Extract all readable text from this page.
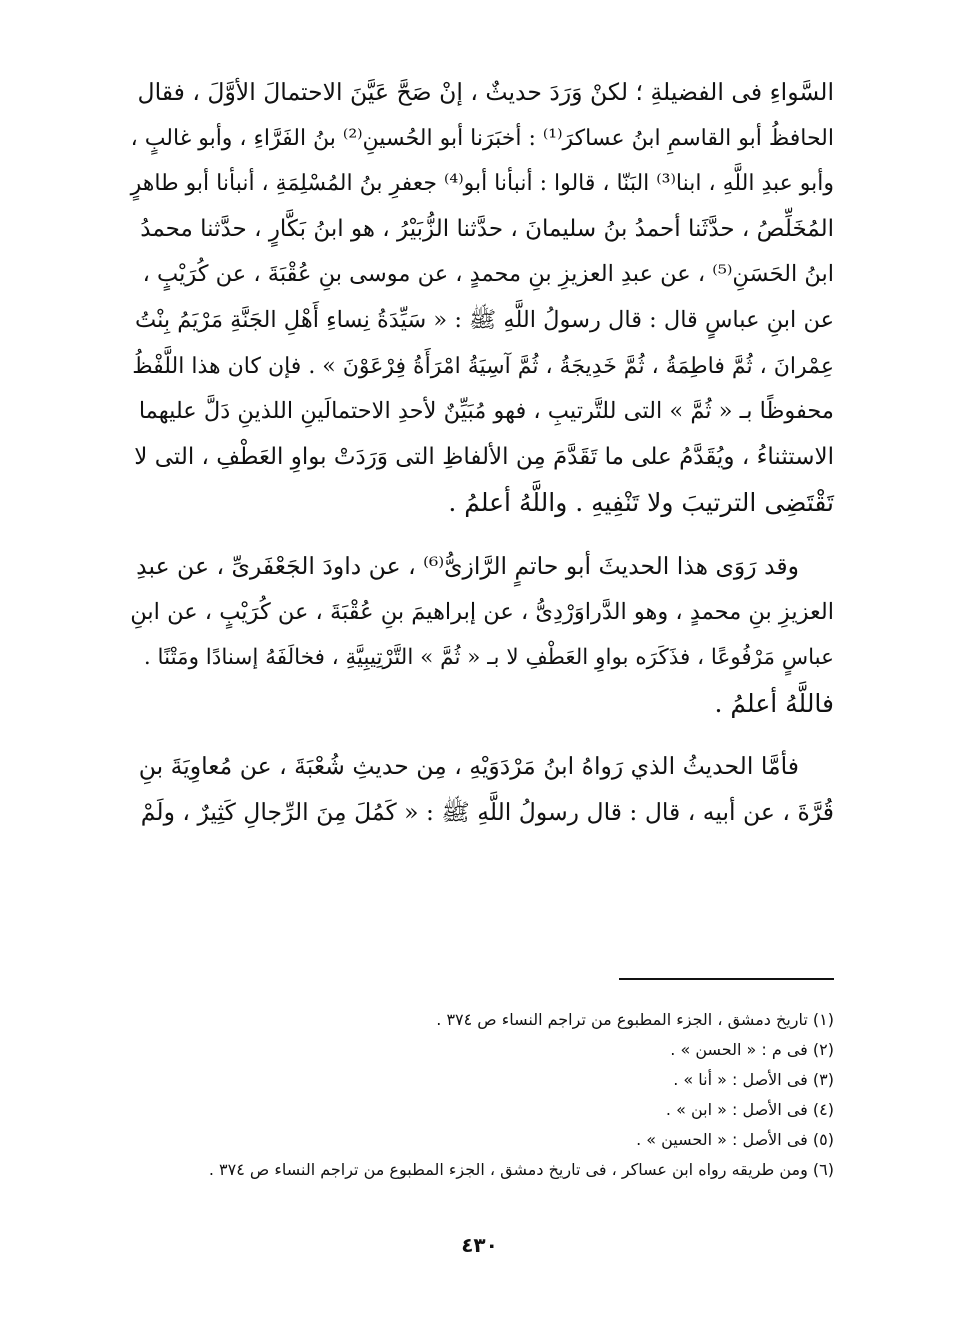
السَّواءِ فى الفضيلةِ ؛ لكنْ وَرَدَ حديثٌ ، إنْ صَحَّ عَيَّنَ الاحتمالَ الأوَّلَ ، فقال
الحافظُ أبو القاسمِ ابنُ عساكرَ⁽¹⁾ : أخبَرَنا أبو الحُسينِ⁽²⁾ بنُ الفَرَّاءِ ، وأبو غالبٍ ،
وأبو عبدِ اللَّهِ ، ابنا⁽³⁾ البَنّا ، قالوا : أنبأنا أبو⁽⁴⁾ جعفرِ بنُ المُسْلِمَةِ ، أنبأنا أبو طاهرٍ
المُخَلِّصُ ، حدَّثَنا أحمدُ بنُ سليمانَ ، حدَّثنا الزُّبَيْرُ ، هو ابنُ بَكَّارٍ ، حدَّثنا محمدُ
ابنُ الحَسَنِ⁽⁵⁾ ، عن عبدِ العزيزِ بنِ محمدٍ ، عن موسى بنِ عُقْبَةَ ، عن كُرَيْبٍ ،
عن ابنِ عباسٍ قال : قال رسولُ اللَّهِ ﷺ : « سَيِّدَةُ نِساءِ أَهْلِ الجَنَّةِ مَرْيَمُ بِنْتُ
عِمْرانَ ، ثُمَّ فاطِمَةُ ، ثُمَّ خَدِيجَةُ ، ثُمَّ آسِيَةُ امْرَأَةُ فِرْعَوْنَ » . فإن كان هذا اللَّفْظُ
محفوظًا بـ « ثُمَّ » التى للتَّرتيبِ ، فهو مُبَيِّنٌ لأحدِ الاحتمالَينِ اللذينِ دَلَّ عليهما
الاستثناءُ ، ويُقَدَّمُ على ما تَقَدَّمَ مِن الألفاظِ التى وَرَدَتْ بواوِ العَطْفِ ، التى لا
تَقْتَضِى الترتيبَ ولا تَنْفِيهِ . واللَّهُ أعلمُ .
وقد رَوَى هذا الحديثَ أبو حاتمٍ الرَّازىُّ⁽⁶⁾ ، عن داودَ الجَعْفَرىِّ ، عن عبدِ
العزيزِ بنِ محمدٍ ، وهو الدَّراوَرْدِىُّ ، عن إبراهيمَ بنِ عُقْبَةَ ، عن كُرَيْبٍ ، عن ابنِ
عباسٍ مَرْفُوعًا ، فذَكَرَه بواوِ العَطْفِ لا بـ « ثُمَّ » التَّرْتِيبِيَّةِ ، فخالَفَهُ إسنادًا ومَتْنًا .
فاللَّهُ أعلمُ .
فأمَّا الحديثُ الذي رَواهُ ابنُ مَرْدَوَيْهِ ، مِن حديثِ شُعْبَةَ ، عن مُعاوِيَةَ بنِ
قُرَّةَ ، عن أبيه ، قال : قال رسولُ اللَّهِ ﷺ : « كَمُلَ مِنَ الرِّجالِ كَثِيرٌ ، ولَمْ
(١) تاريخ دمشق ، الجزء المطبوع من تراجم النساء ص ٣٧٤ .
(٢) فى م : « الحسن » .
(٣) فى الأصل : « أنا » .
(٤) فى الأصل : « ابن » .
(٥) فى الأصل : « الحسين » .
(٦) ومن طريقه رواه ابن عساكر ، فى تاريخ دمشق ، الجزء المطبوع من تراجم النساء ص ٣٧٤ .
٤٣٠
